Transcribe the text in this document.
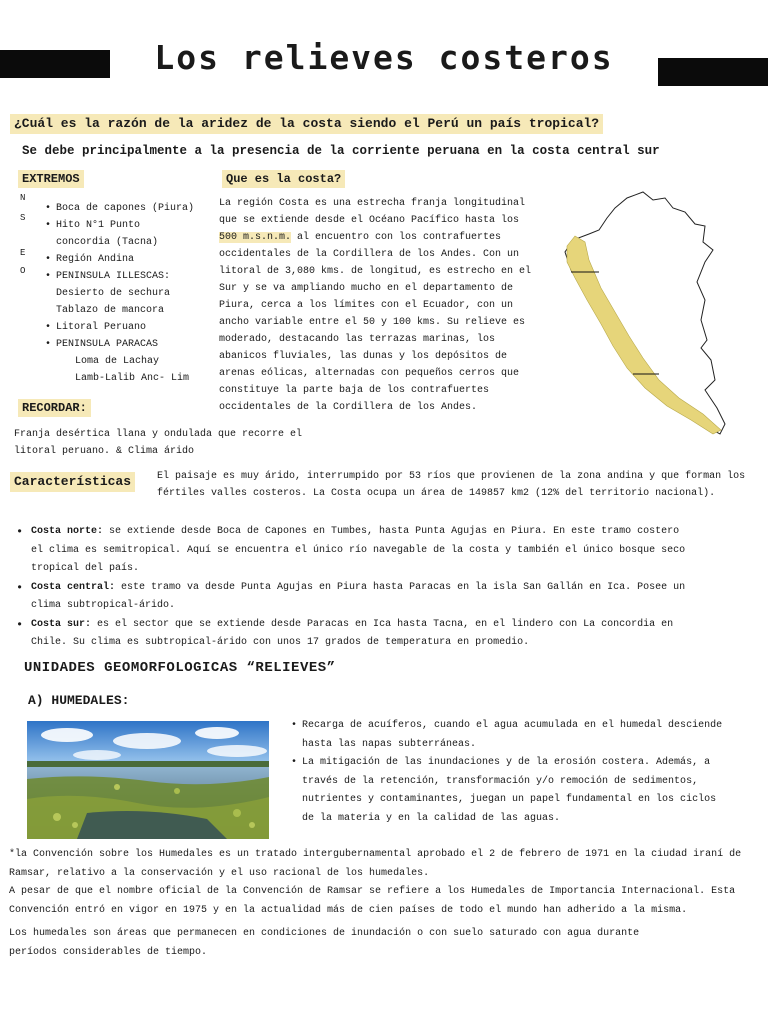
Los relieves costeros
¿Cuál es la razón de la aridez de la costa siendo el Perú un país tropical?
Se debe principalmente a la presencia de la corriente peruana en la costa central sur
EXTREMOS
N
S
E
O
• Boca de capones (Piura)
• Hito N°1 Punto
concordia (Tacna)
• Región Andina
• PENINSULA ILLESCAS:
Desierto de sechura
Tablazo de mancora
• Litoral Peruano
• PENINSULA PARACAS
Loma de Lachay
Lamb-Lalib Anc- Lim
Que es la costa?
La región Costa es una estrecha franja longitudinal
que se extiende desde el Océano Pacífico hasta los
500 m.s.n.m. al encuentro con los contrafuertes
occidentales de la Cordillera de los Andes. Con un
litoral de 3,080 kms. de longitud, es estrecho en el
Sur y se va ampliando mucho en el departamento de
Piura, cerca a los límites con el Ecuador, con un
ancho variable entre el 50 y 100 kms. Su relieve es
moderado, destacando las terrazas marinas, los
abanicos fluviales, las dunas y los depósitos de
arenas eólicas, alternadas con pequeños cerros que
constituye la parte baja de los contrafuertes
occidentales de la Cordillera de los Andes.
RECORDAR:
Franja desértica llana y ondulada que recorre el
litoral peruano. & Clima árido
Características	El paisaje es muy árido, interrumpido por 53 ríos que provienen de la zona andina y que forman los
fértiles valles costeros. La Costa ocupa un área de 149857 km2 (12% del territorio nacional).
• Costa norte: se extiende desde Boca de Capones en Tumbes, hasta Punta Agujas en Piura. En este tramo costero
el clima es semitropical. Aquí se encuentra el único río navegable de la costa y también el único bosque seco
tropical del país.
• Costa central: este tramo va desde Punta Agujas en Piura hasta Paracas en la isla San Gallán en Ica. Posee un
clima subtropical-árido.
• Costa sur: es el sector que se extiende desde Paracas en Ica hasta Tacna, en el lindero con La concordia en
Chile. Su clima es subtropical-árido con unos 17 grados de temperatura en promedio.
UNIDADES GEOMORFOLOGICAS “RELIEVES”
A) HUMEDALES:
• Recarga de acuíferos, cuando el agua acumulada en el humedal desciende
hasta las napas subterráneas.
• La mitigación de las inundaciones y de la erosión costera. Además, a
través de la retención, transformación y/o remoción de sedimentos,
nutrientes y contaminantes, juegan un papel fundamental en los ciclos
de la materia y en la calidad de las aguas.
*la Convención sobre los Humedales es un tratado intergubernamental aprobado el 2 de febrero de 1971 en la ciudad iraní de
Ramsar, relativo a la conservación y el uso racional de los humedales.
A pesar de que el nombre oficial de la Convención de Ramsar se refiere a los Humedales de Importancia Internacional. Esta
Convención entró en vigor en 1975 y en la actualidad más de cien países de todo el mundo han adherido a la misma.
Los humedales son áreas que permanecen en condiciones de inundación o con suelo saturado con agua durante
períodos considerables de tiempo.
